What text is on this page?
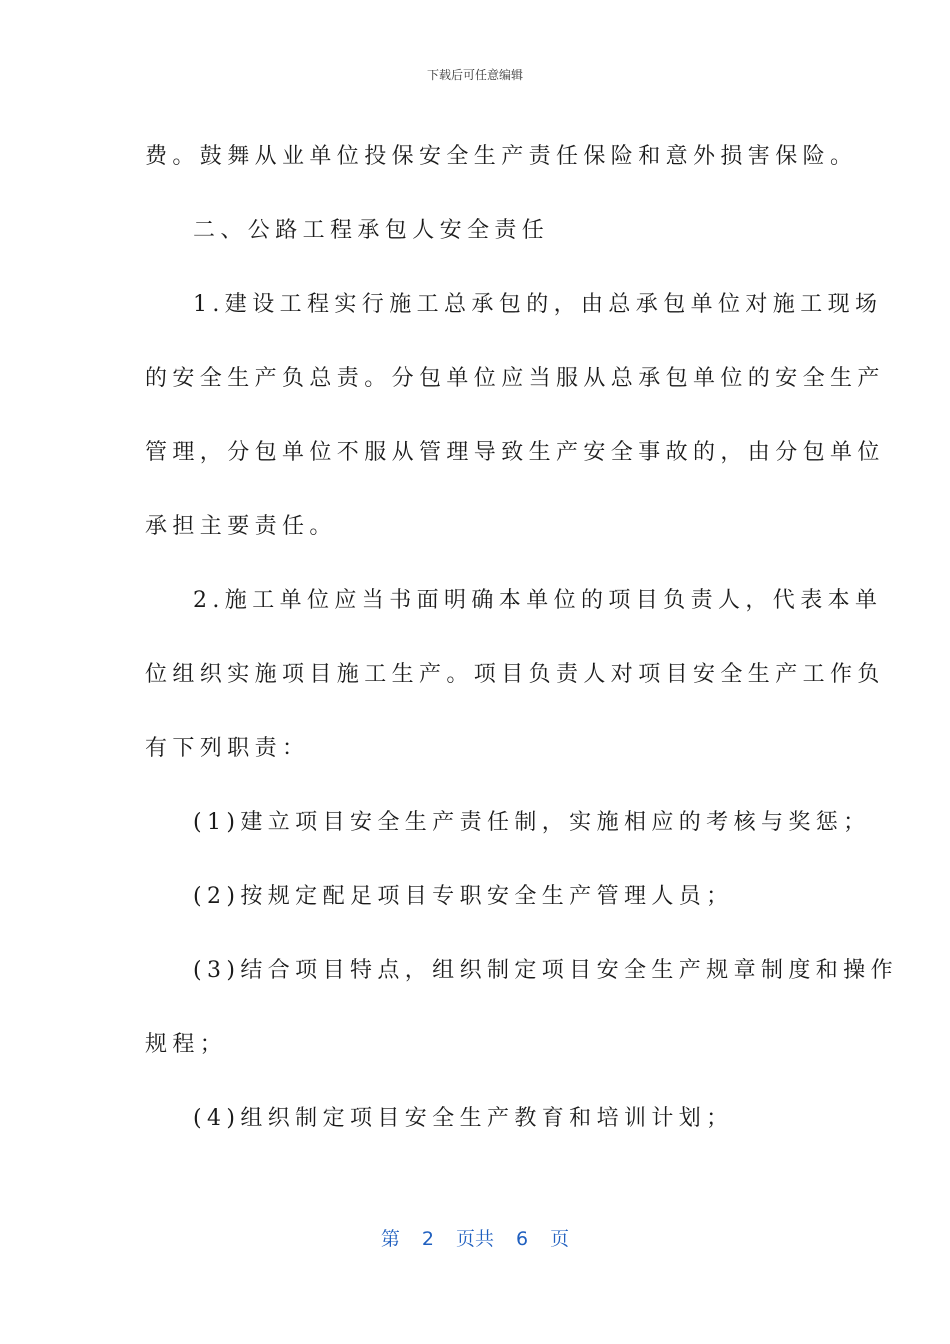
下载后可任意编辑
费。鼓舞从业单位投保安全生产责任保险和意外损害保险。
二、公路工程承包人安全责任
1.建设工程实行施工总承包的，由总承包单位对施工现场
的安全生产负总责。分包单位应当服从总承包单位的安全生产
管理，分包单位不服从管理导致生产安全事故的，由分包单位
承担主要责任。
2.施工单位应当书面明确本单位的项目负责人，代表本单
位组织实施项目施工生产。项目负责人对项目安全生产工作负
有下列职责：
(1)建立项目安全生产责任制，实施相应的考核与奖惩；
(2)按规定配足项目专职安全生产管理人员；
(3)结合项目特点，组织制定项目安全生产规章制度和操作
规程；
(4)组织制定项目安全生产教育和培训计划；
第 2 页共 6 页
